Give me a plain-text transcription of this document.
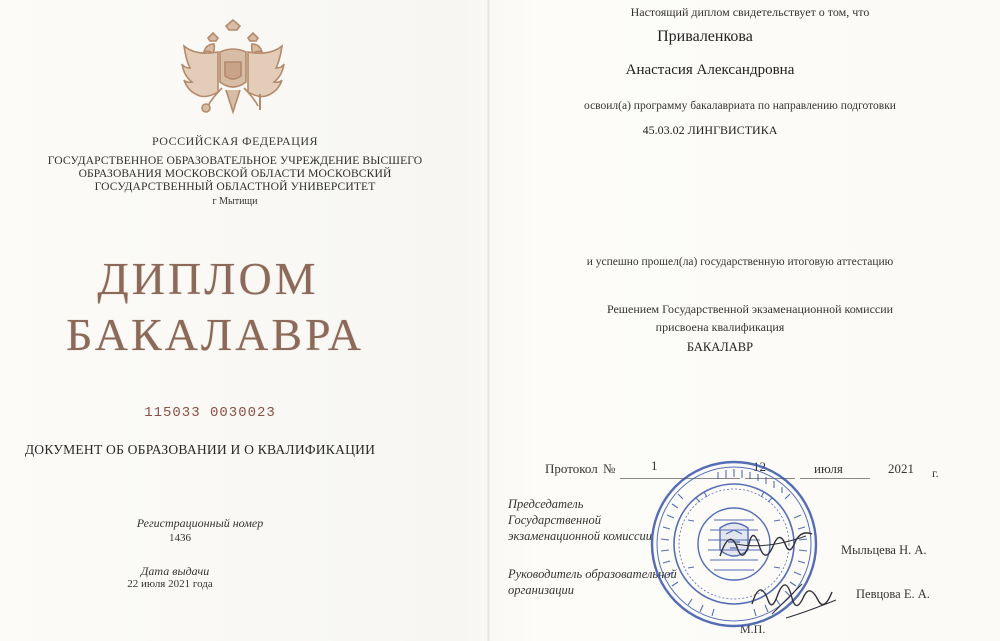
РОССИЙСКАЯ ФЕДЕРАЦИЯ
ГОСУДАРСТВЕННОЕ ОБРАЗОВАТЕЛЬНОЕ УЧРЕЖДЕНИЕ ВЫСШЕГО
ОБРАЗОВАНИЯ МОСКОВСКОЙ ОБЛАСТИ МОСКОВСКИЙ
ГОСУДАРСТВЕННЫЙ ОБЛАСТНОЙ УНИВЕРСИТЕТ
г Мытищи
ДИПЛОМ
БАКАЛАВРА
115033 0030023
ДОКУМЕНТ ОБ ОБРАЗОВАНИИ И О КВАЛИФИКАЦИИ
Регистрационный номер
1436
Дата выдачи
22 июля 2021 года
Настоящий диплом свидетельствует о том, что
Приваленкова
Анастасия Александровна
освоил(а) программу бакалавриата по направлению подготовки
45.03.02 ЛИНГВИСТИКА
и успешно прошел(ла) государственную итоговую аттестацию
Решением Государственной экзаменационной комиссии
присвоена квалификация
БАКАЛАВР
Протокол №	1	12	июля	2021 г.
Председатель
Государственной
экзаменационной комиссии
Мыльцева Н. А.
Руководитель образовательной
организации	Певцова Е. А.
М.П.
